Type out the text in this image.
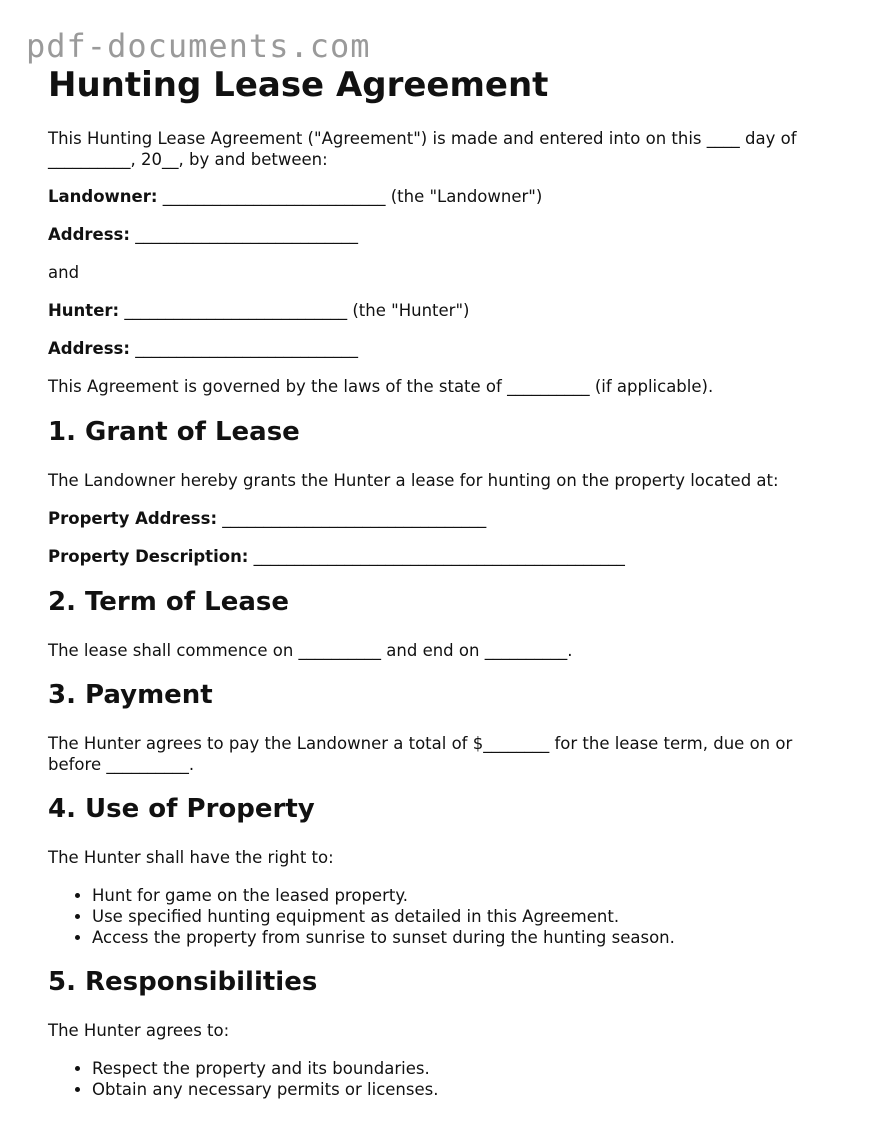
pdf-documents.com
Hunting Lease Agreement

This Hunting Lease Agreement ("Agreement") is made and entered into on this ____ day of __________, 20__, by and between:

Landowner: ___________________________ (the "Landowner")

Address: ___________________________

and

Hunter: ___________________________ (the "Hunter")

Address: ___________________________

This Agreement is governed by the laws of the state of __________ (if applicable).

1. Grant of Lease

The Landowner hereby grants the Hunter a lease for hunting on the property located at:

Property Address: ________________________________

Property Description: _____________________________________________

2. Term of Lease

The lease shall commence on __________ and end on __________.

3. Payment

The Hunter agrees to pay the Landowner a total of $________ for the lease term, due on or before __________.

4. Use of Property

The Hunter shall have the right to:

• Hunt for game on the leased property.
• Use specified hunting equipment as detailed in this Agreement.
• Access the property from sunrise to sunset during the hunting season.
5. Responsibilities

The Hunter agrees to:

• Respect the property and its boundaries.
• Obtain any necessary permits or licenses.
